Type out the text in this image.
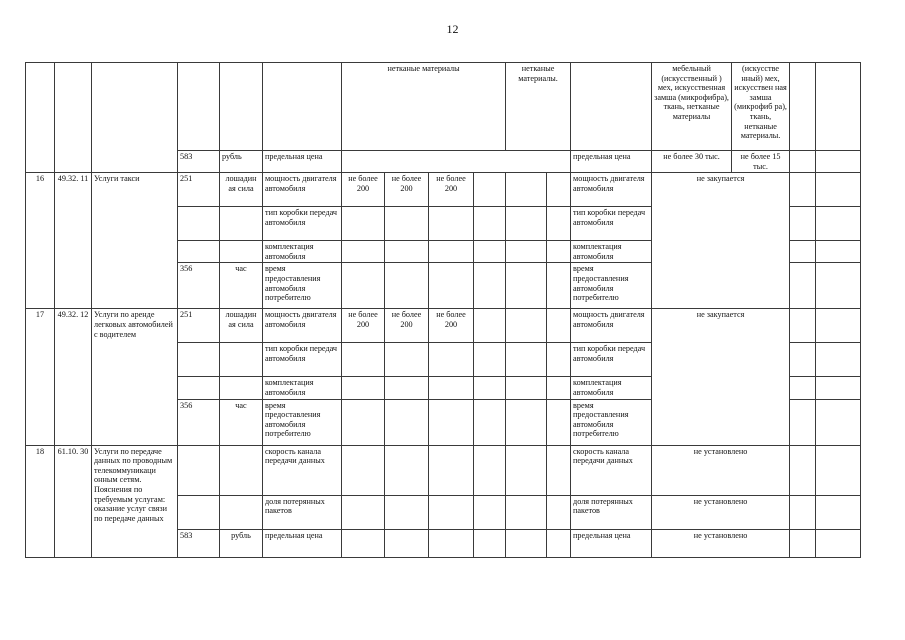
12
						нетканые материалы				нетканые материалы.			мебельный (искусственный ) мех, искусственная замша (микрофибра), ткань, нетканые материалы	(искусстве нный) мех, искусствен ная замша (микрофиб ра), ткань, нетканые материалы.		
			583	рубль	предельная цена							предельная цена	не более 30 тыс.	не более 15 тыс.		
16	49.32. 11	Услуги такси	251	лошадин ая сила	мощность двигателя автомобиля	не более 200	не более 200	не более 200				мощность двигателя автомобиля	не закупается			
					тип коробки передач автомобиля							тип коробки передач автомобиля				
					комплектация автомобиля							комплектация автомобиля				
			356	час	время предоставления автомобиля потребителю							время предоставления автомобиля потребителю				
17	49.32. 12	Услуги по аренде легковых автомобилей с водителем	251	лошадин ая сила	мощность двигателя автомобиля	не более 200	не более 200	не более 200				мощность двигателя автомобиля	не закупается			
					тип коробки передач автомобиля							тип коробки передач автомобиля				
					комплектация автомобиля							комплектация автомобиля				
			356	час	время предоставления автомобиля потребителю							время предоставления автомобиля потребителю				
18	61.10. 30	Услуги по передаче данных по проводным телекоммуникаци онным сетям. Пояснения по требуемым услугам: оказание услуг связи по передаче данных			скорость канала передачи данных							скорость канала передачи данных	не установлено			
					доля потерянных пакетов							доля потерянных пакетов	не установлено			
			583	рубль	предельная цена							предельная цена	не установлено			
